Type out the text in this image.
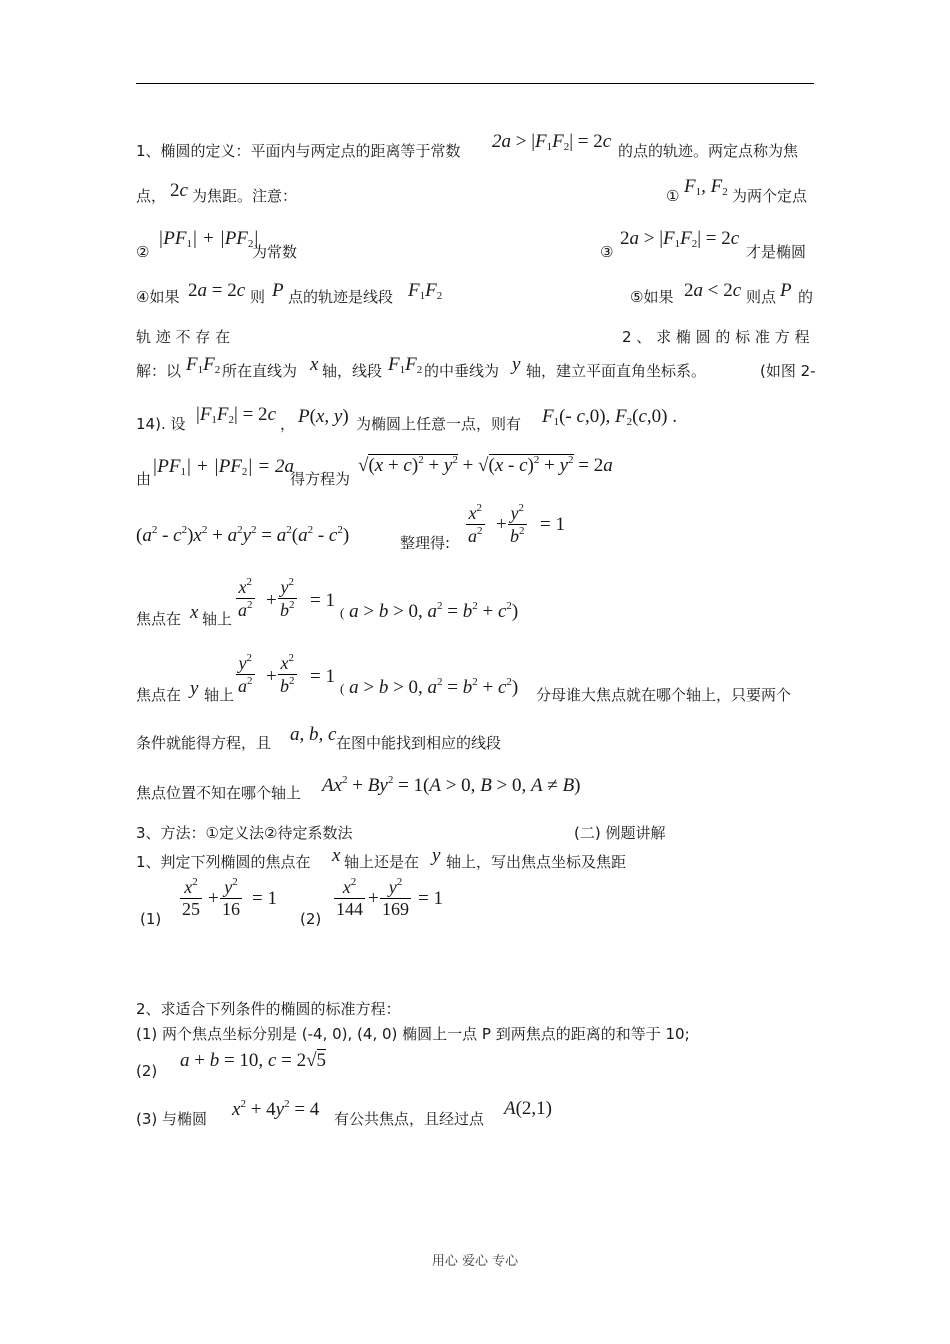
1、椭圆的定义：平面内与两定点的距离等于常数 $2a > |F_1F_2| = 2c$ 的点的轨迹。两定点称为焦
点， 2c 为焦距。注意：	① $F_1$, $F_2$ 为两个定点
②
$|PF_1| + |PF_2|$
为常数	③
$2a > |F_1F_2| = 2c$
才是椭圆
④如果 2a = 2c 则 P 点的轨迹是线段 $F_1F_2$	⑤如果 2a < 2c 则点 P 的
轨 迹 不 存 在	2 、 求 椭 圆 的 标 准 方 程
解：以 $F_1F_2$ 所在直线为 x 轴，线段 $F_1F_2$ 的中垂线为 y 轴，建立平面直角坐标系。	(如图 2-
14). 设 $|F_1F_2| = 2c$ ， P(x, y) 为椭圆上任意一点，则有 $F_1(-$ c,0), $F_2(c,0)$ .
由
$|PF_1| + |PF_2| = 2a$
得方程为
$√(x + c)^2 + y^2 + √(x - c)^2 + y^2 = 2a$
$(a^2 - c^2)x^2 + a^2y^2 = a^2(a^2 - c^2)$	整理得: $\frac{x^2}{a^2} + \frac{y^2}{b^2} = 1$
焦点在 x 轴上 $\frac{x^2}{a^2} + \frac{y^2}{b^2} = 1$
( a > b > 0, $a^2 = b^2 + c^2$)
焦点在 y 轴上 $\frac{y^2}{a^2} + \frac{x^2}{b^2} = 1$
( a > b > 0, $a^2 = b^2 + c^2$) 分母谁大焦点就在哪个轴上，只要两个
条件就能得方程，且 a, b, c 在图中能找到相应的线段
焦点位置不知在哪个轴上 $Ax^2 + By^2 = 1(A > 0$, B > 0, A ≠ B)
3、方法：①定义法②待定系数法	(二) 例题讲解
1、判定下列椭圆的焦点在 x 轴上还是在 y 轴上，写出焦点坐标及焦距
$(1) \frac{x^2}{25} + \frac{y^2}{16} = 1$
$(2) \frac{x^2}{144} + \frac{y^2}{169} = 1$
2、求适合下列条件的椭圆的标准方程：
(1) 两个焦点坐标分别是 (-4, 0), (4, 0) 椭圆上一点 P 到两焦点的距离的和等于 10;
(2) a + b = 10, c = 2√5
(3) 与椭圆 $x^2 + 4y^2 = 4$ 有公共焦点，且经过点 A(2,1)
用心 爱心 专心
